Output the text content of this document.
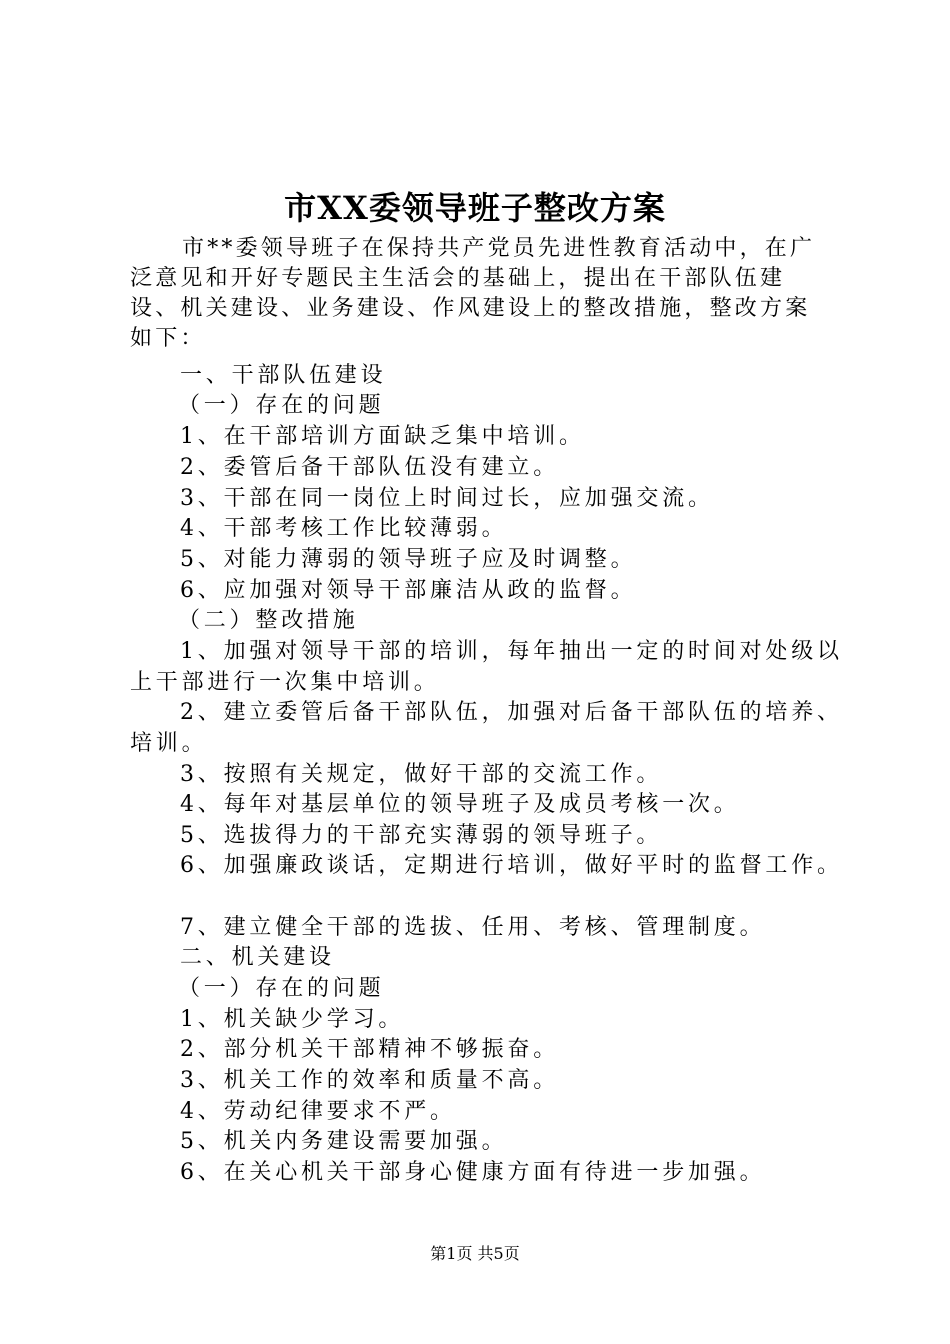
市XX委领导班子整改方案
市**委领导班子在保持共产党员先进性教育活动中，在广泛意见和开好专题民主生活会的基础上，提出在干部队伍建设、机关建设、业务建设、作风建设上的整改措施，整改方案如下：
一、干部队伍建设
（一）存在的问题
1、在干部培训方面缺乏集中培训。
2、委管后备干部队伍没有建立。
3、干部在同一岗位上时间过长，应加强交流。
4、干部考核工作比较薄弱。
5、对能力薄弱的领导班子应及时调整。
6、应加强对领导干部廉洁从政的监督。
（二）整改措施
1、加强对领导干部的培训，每年抽出一定的时间对处级以
上干部进行一次集中培训。
2、建立委管后备干部队伍，加强对后备干部队伍的培养、
培训。
3、按照有关规定，做好干部的交流工作。
4、每年对基层单位的领导班子及成员考核一次。
5、选拔得力的干部充实薄弱的领导班子。
6、加强廉政谈话，定期进行培训，做好平时的监督工作。
7、建立健全干部的选拔、任用、考核、管理制度。
二、机关建设
（一）存在的问题
1、机关缺少学习。
2、部分机关干部精神不够振奋。
3、机关工作的效率和质量不高。
4、劳动纪律要求不严。
5、机关内务建设需要加强。
6、在关心机关干部身心健康方面有待进一步加强。
第1页 共5页
